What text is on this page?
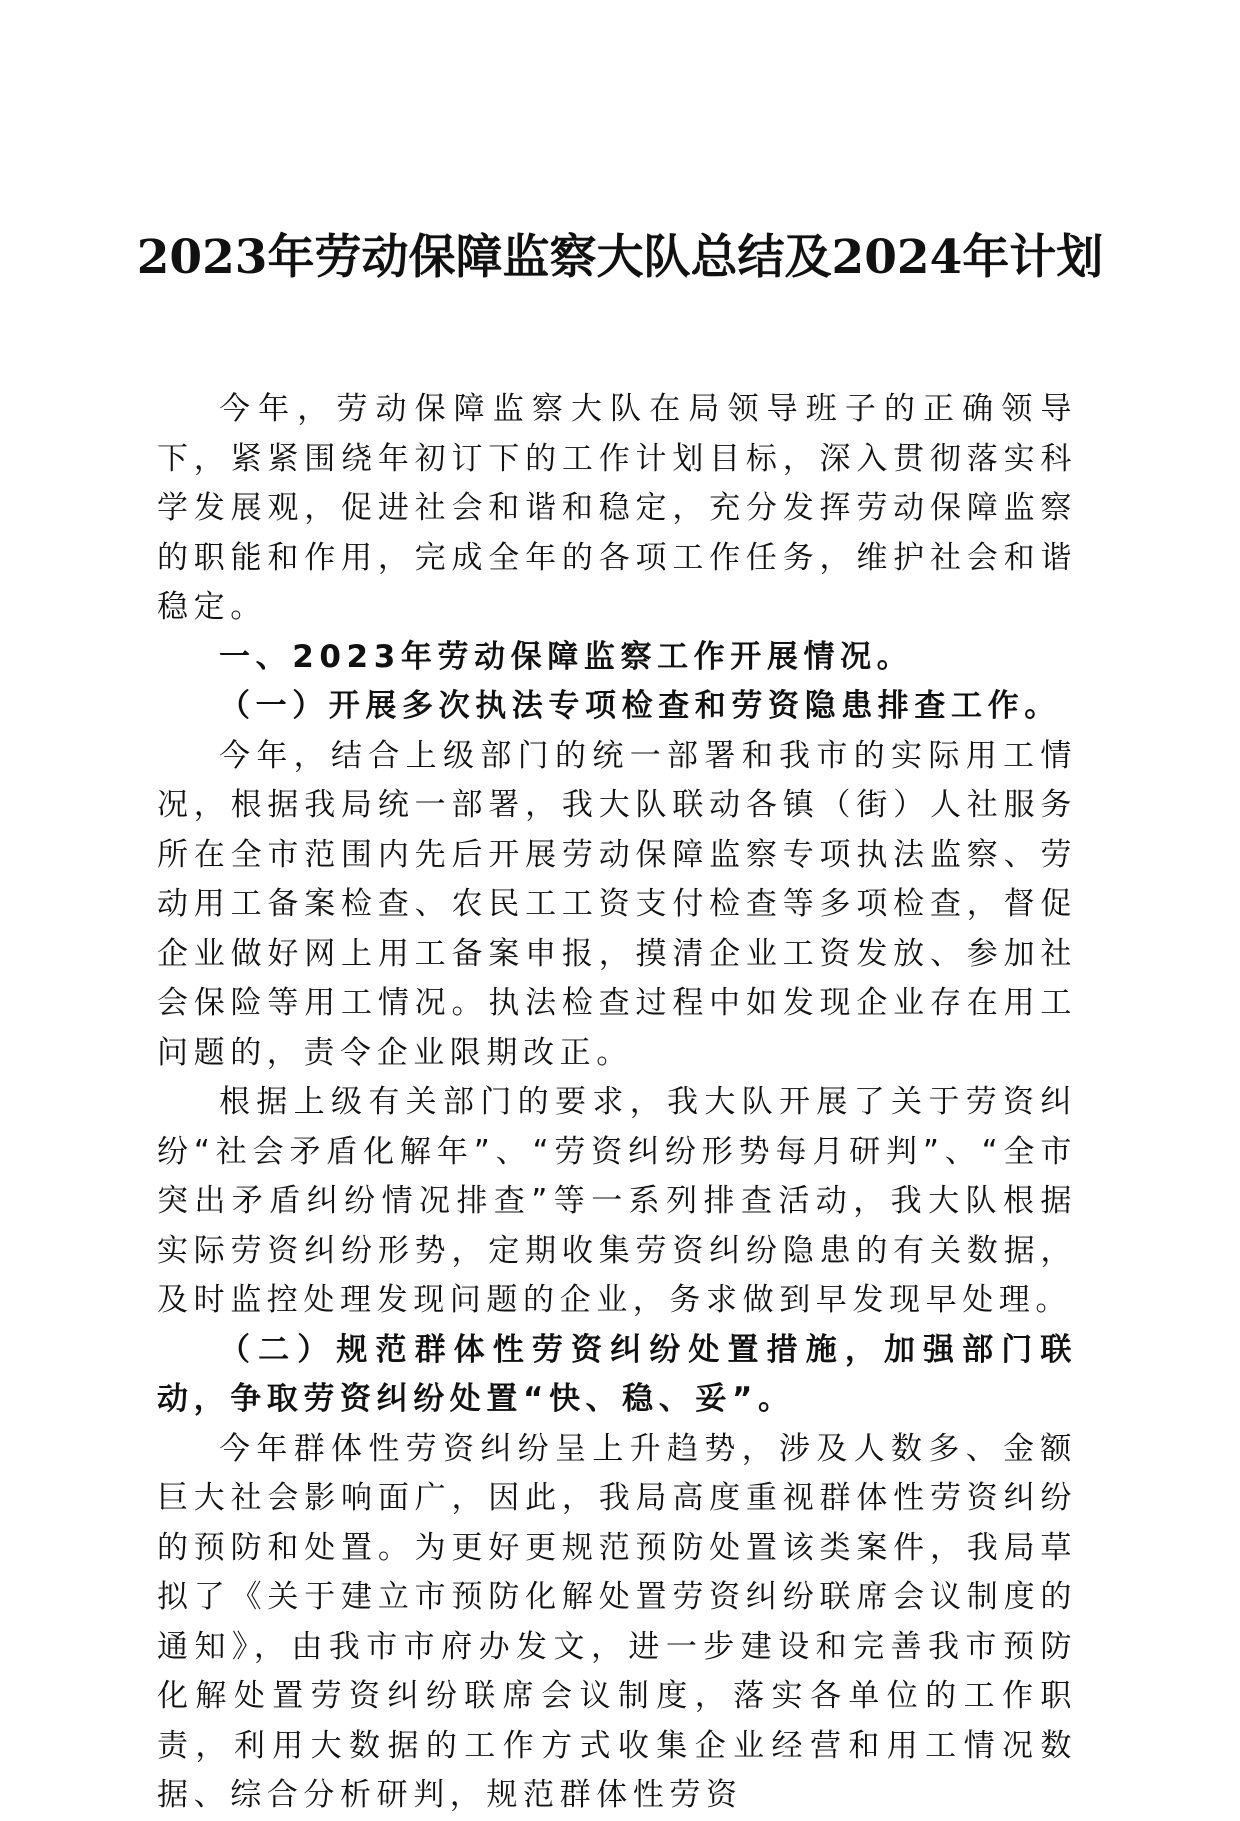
2023年劳动保障监察大队总结及2024年计划

今年，劳动保障监察大队在局领导班子的正确领导下，紧紧围绕年初订下的工作计划目标，深入贯彻落实科学发展观，促进社会和谐和稳定，充分发挥劳动保障监察的职能和作用，完成全年的各项工作任务，维护社会和谐稳定。

一、2023年劳动保障监察工作开展情况。

（一）开展多次执法专项检查和劳资隐患排查工作。

今年，结合上级部门的统一部署和我市的实际用工情况，根据我局统一部署，我大队联动各镇（街）人社服务所在全市范围内先后开展劳动保障监察专项执法监察、劳动用工备案检查、农民工工资支付检查等多项检查，督促企业做好网上用工备案申报，摸清企业工资发放、参加社会保险等用工情况。执法检查过程中如发现企业存在用工问题的，责令企业限期改正。

根据上级有关部门的要求，我大队开展了关于劳资纠纷“社会矛盾化解年”、“劳资纠纷形势每月研判”、“全市突出矛盾纠纷情况排查”等一系列排查活动，我大队根据实际劳资纠纷形势，定期收集劳资纠纷隐患的有关数据，及时监控处理发现问题的企业，务求做到早发现早处理。

（二）规范群体性劳资纠纷处置措施，加强部门联动，争取劳资纠纷处置“快、稳、妥”。

今年群体性劳资纠纷呈上升趋势，涉及人数多、金额巨大社会影响面广，因此，我局高度重视群体性劳资纠纷的预防和处置。为更好更规范预防处置该类案件，我局草拟了《关于建立市预防化解处置劳资纠纷联席会议制度的通知》，由我市市府办发文，进一步建设和完善我市预防化解处置劳资纠纷联席会议制度，落实各单位的工作职责，利用大数据的工作方式收集企业经营和用工情况数据、综合分析研判，规范群体性劳资
